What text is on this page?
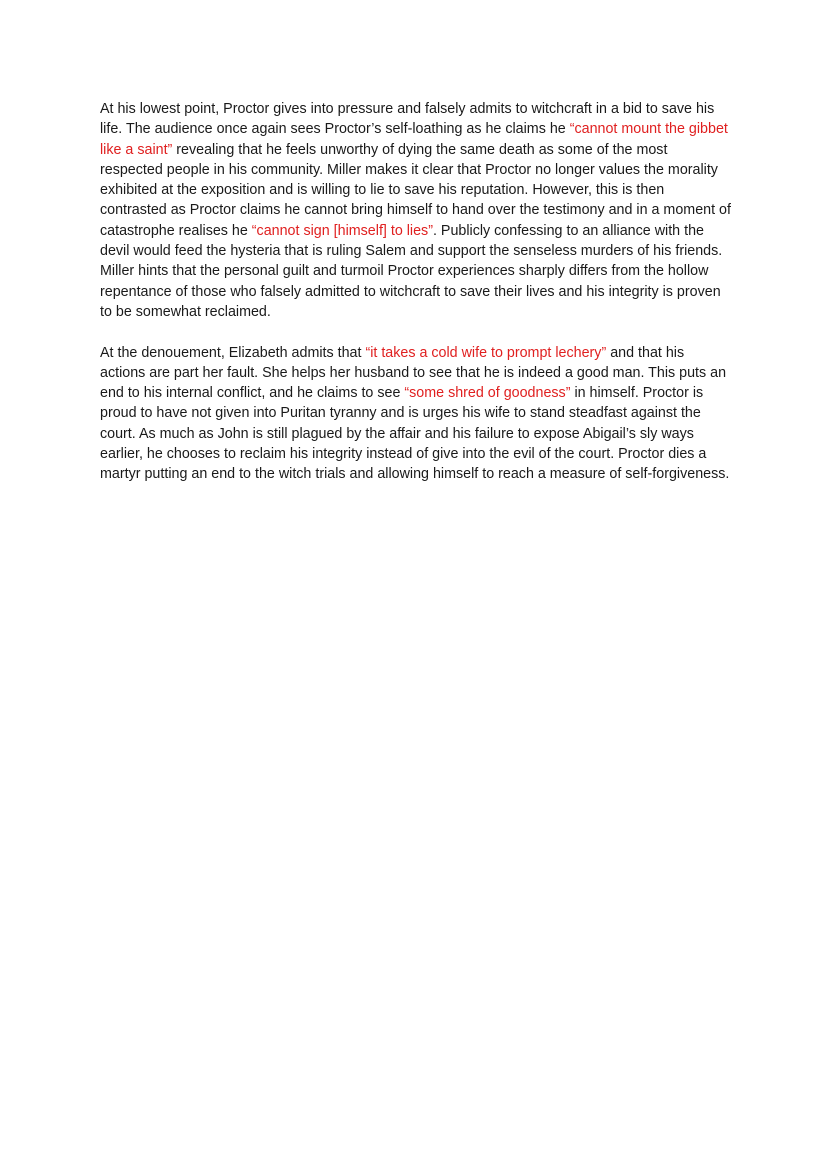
At his lowest point, Proctor gives into pressure and falsely admits to witchcraft in a bid to save his life. The audience once again sees Proctor’s self-loathing as he claims he “cannot mount the gibbet like a saint” revealing that he feels unworthy of dying the same death as some of the most respected people in his community. Miller makes it clear that Proctor no longer values the morality exhibited at the exposition and is willing to lie to save his reputation. However, this is then contrasted as Proctor claims he cannot bring himself to hand over the testimony and in a moment of catastrophe realises he “cannot sign [himself] to lies”. Publicly confessing to an alliance with the devil would feed the hysteria that is ruling Salem and support the senseless murders of his friends. Miller hints that the personal guilt and turmoil Proctor experiences sharply differs from the hollow repentance of those who falsely admitted to witchcraft to save their lives and his integrity is proven to be somewhat reclaimed.

At the denouement, Elizabeth admits that “it takes a cold wife to prompt lechery” and that his actions are part her fault. She helps her husband to see that he is indeed a good man. This puts an end to his internal conflict, and he claims to see “some shred of goodness” in himself. Proctor is proud to have not given into Puritan tyranny and is urges his wife to stand steadfast against the court. As much as John is still plagued by the affair and his failure to expose Abigail’s sly ways earlier, he chooses to reclaim his integrity instead of give into the evil of the court. Proctor dies a martyr putting an end to the witch trials and allowing himself to reach a measure of self-forgiveness.
